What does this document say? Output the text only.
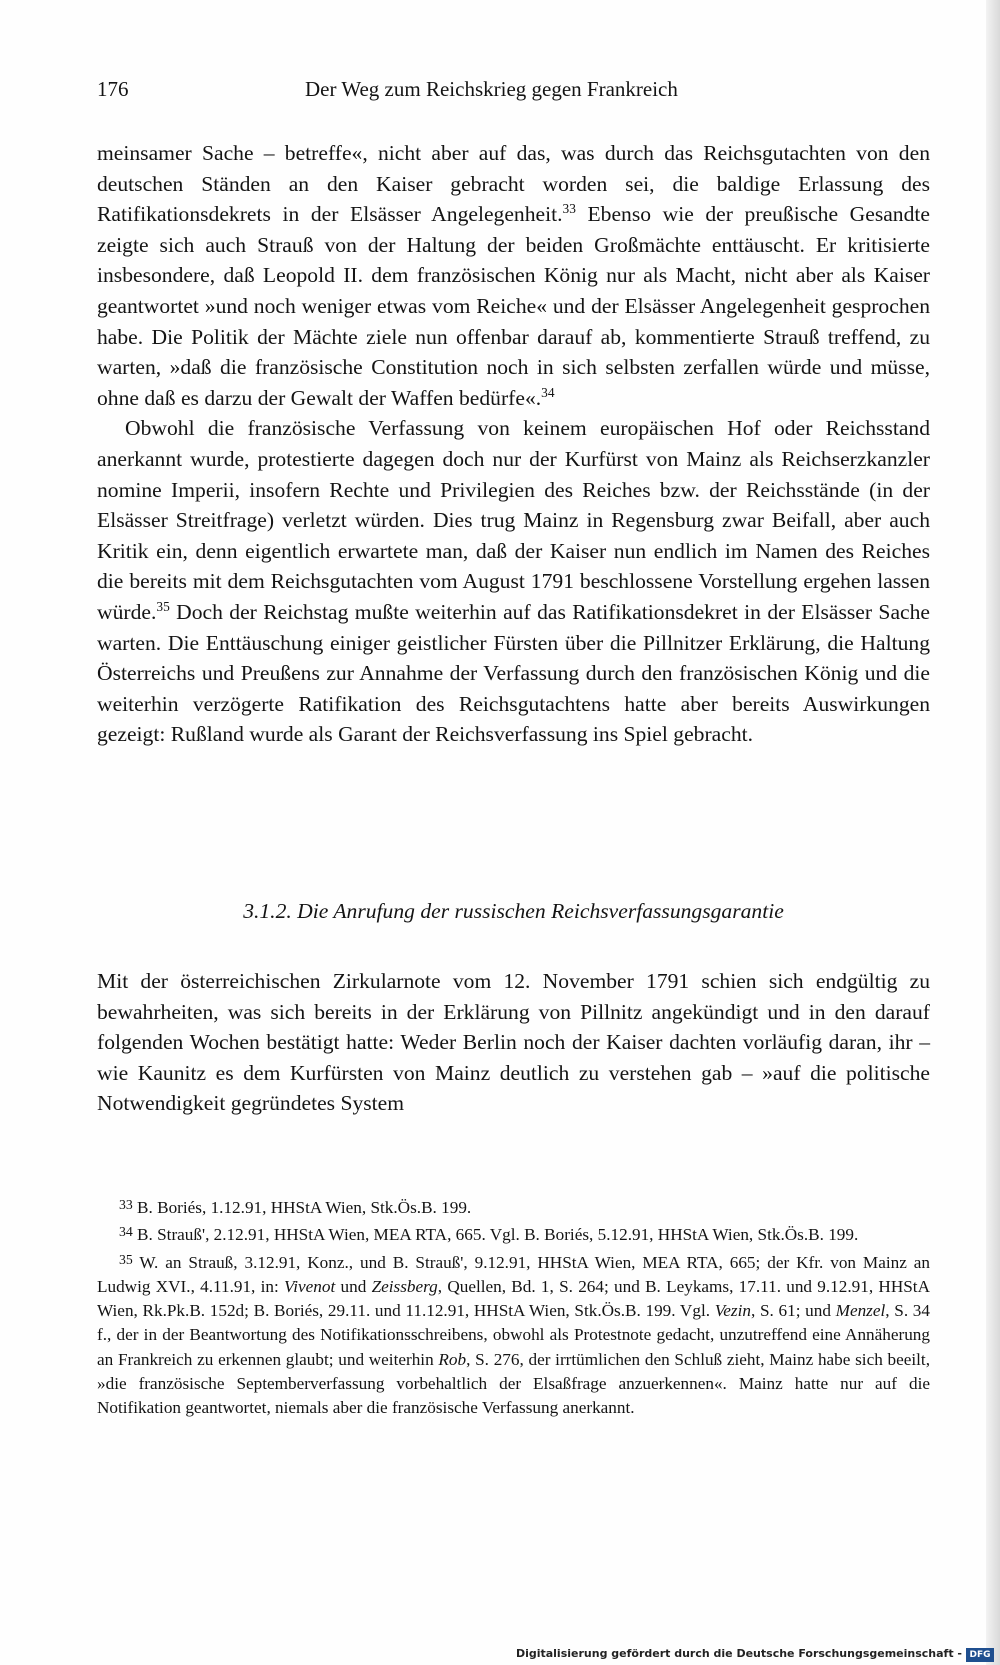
176	Der Weg zum Reichskrieg gegen Frankreich

meinsamer Sache – betreffe«, nicht aber auf das, was durch das Reichsgutachten von den deutschen Ständen an den Kaiser gebracht worden sei, die baldige Erlassung des Ratifikationsdekrets in der Elsässer Angelegenheit.$^{33}$ Ebenso wie der preußische Gesandte zeigte sich auch Strauß von der Haltung der beiden Großmächte enttäuscht. Er kritisierte insbesondere, daß Leopold II. dem französischen König nur als Macht, nicht aber als Kaiser geantwortet »und noch weniger etwas vom Reiche« und der Elsässer Angelegenheit gesprochen habe. Die Politik der Mächte ziele nun offenbar darauf ab, kommentierte Strauß treffend, zu warten, »daß die französische Constitution noch in sich selbsten zerfallen würde und müsse, ohne daß es darzu der Gewalt der Waffen bedürfe«.$^{34}$

Obwohl die französische Verfassung von keinem europäischen Hof oder Reichsstand anerkannt wurde, protestierte dagegen doch nur der Kurfürst von Mainz als Reichserzkanzler nomine Imperii, insofern Rechte und Privilegien des Reiches bzw. der Reichsstände (in der Elsässer Streitfrage) verletzt würden. Dies trug Mainz in Regensburg zwar Beifall, aber auch Kritik ein, denn eigentlich erwartete man, daß der Kaiser nun endlich im Namen des Reiches die bereits mit dem Reichsgutachten vom August 1791 beschlossene Vorstellung ergehen lassen würde.$^{35}$ Doch der Reichstag mußte weiterhin auf das Ratifikationsdekret in der Elsässer Sache warten. Die Enttäuschung einiger geistlicher Fürsten über die Pillnitzer Erklärung, die Haltung Österreichs und Preußens zur Annahme der Verfassung durch den französischen König und die weiterhin verzögerte Ratifikation des Reichsgutachtens hatte aber bereits Auswirkungen gezeigt: Rußland wurde als Garant der Reichsverfassung ins Spiel gebracht.

3.1.2. Die Anrufung der russischen Reichsverfassungsgarantie

Mit der österreichischen Zirkularnote vom 12. November 1791 schien sich endgültig zu bewahrheiten, was sich bereits in der Erklärung von Pillnitz angekündigt und in den darauf folgenden Wochen bestätigt hatte: Weder Berlin noch der Kaiser dachten vorläufig daran, ihr – wie Kaunitz es dem Kurfürsten von Mainz deutlich zu verstehen gab – »auf die politische Notwendigkeit gegründetes System

$^{33}$ B. Boriés, 1.12.91, HHStA Wien, Stk.Ös.B. 199.

$^{34}$ B. Strauß', 2.12.91, HHStA Wien, MEA RTA, 665. Vgl. B. Boriés, 5.12.91, HHStA Wien, Stk.Ös.B. 199.

$^{35}$ W. an Strauß, 3.12.91, Konz., und B. Strauß', 9.12.91, HHStA Wien, MEA RTA, 665; der Kfr. von Mainz an Ludwig XVI., 4.11.91, in: Vivenot und Zeissberg, Quellen, Bd. 1, S. 264; und B. Leykams, 17.11. und 9.12.91, HHStA Wien, Rk.Pk.B. 152d; B. Boriés, 29.11. und 11.12.91, HHStA Wien, Stk.Ös.B. 199. Vgl. Vezin, S. 61; und Menzel, S. 34 f., der in der Beantwortung des Notifikationsschreibens, obwohl als Protestnote gedacht, unzutreffend eine Annäherung an Frankreich zu erkennen glaubt; und weiterhin Rob, S. 276, der irrtümlichen den Schluß zieht, Mainz habe sich beeilt, »die französische Septemberverfassung vorbehaltlich der Elsaßfrage anzuerkennen«. Mainz hatte nur auf die Notifikation geantwortet, niemals aber die französische Verfassung anerkannt.

Digitalisierung gefördert durch die Deutsche Forschungsgemeinschaft - DFG
